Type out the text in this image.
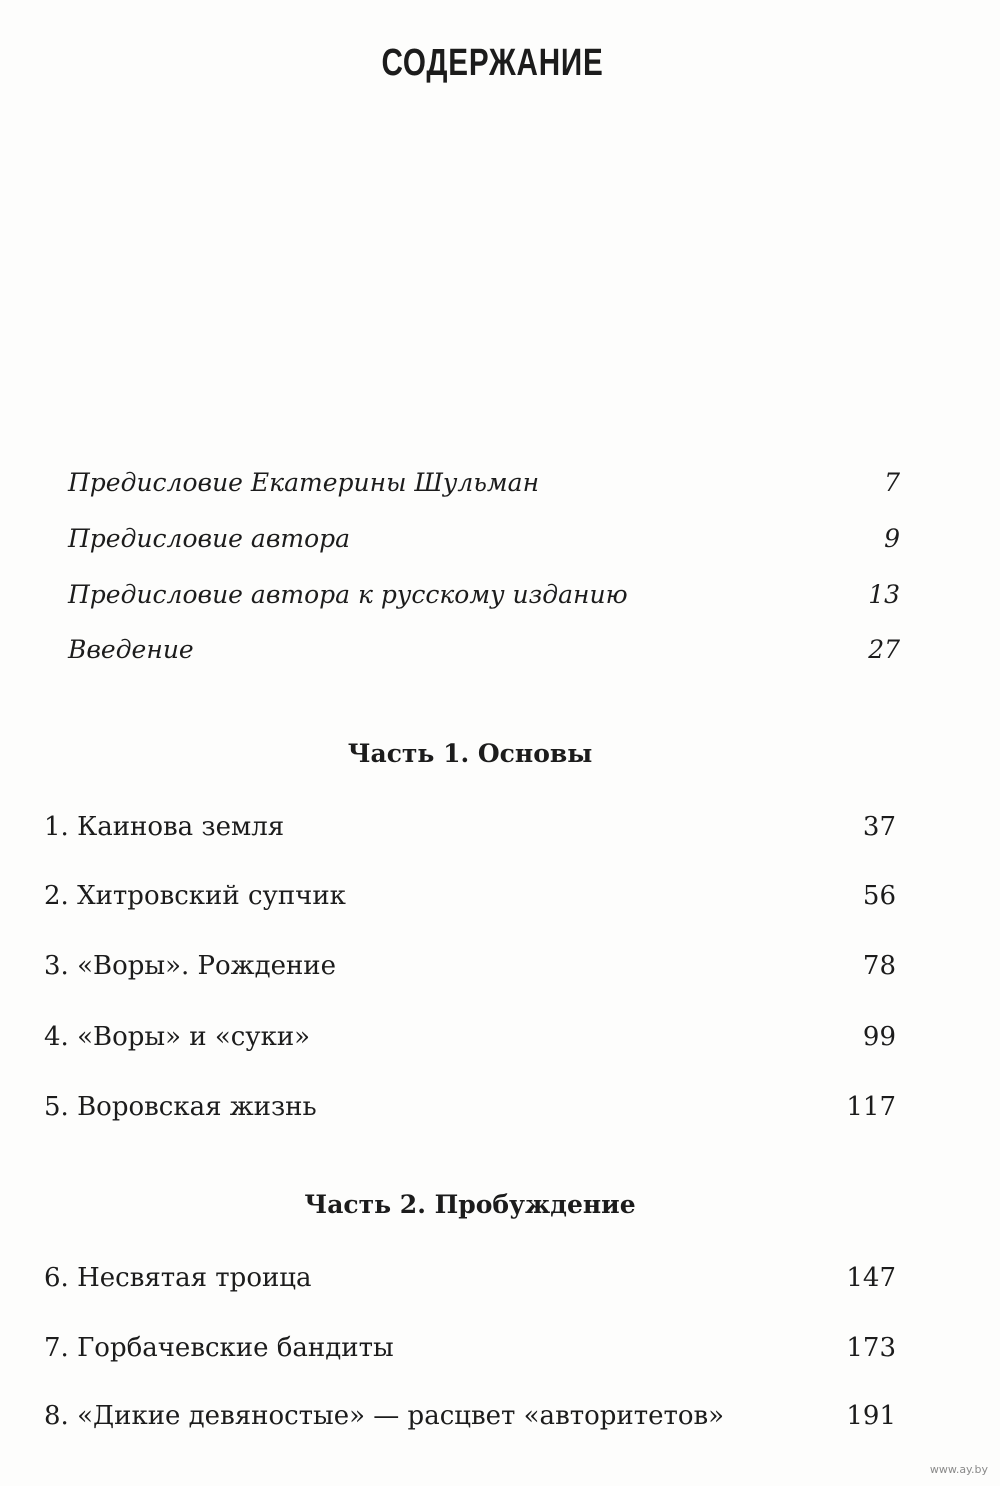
СОДЕРЖАНИЕ
Предисловие Екатерины Шульман	7
Предисловие автора	9
Предисловие автора к русскому изданию	13
Введение	27
Часть 1. Основы
1. Каинова земля	37
2. Хитровский супчик	56
3. «Воры». Рождение	78
4. «Воры» и «суки»	99
5. Воровская жизнь	117
Часть 2. Пробуждение
6. Несвятая троица	147
7. Горбачевские бандиты	173
8. «Дикие девяностые» — расцвет «авторитетов»	191
www.ay.by
